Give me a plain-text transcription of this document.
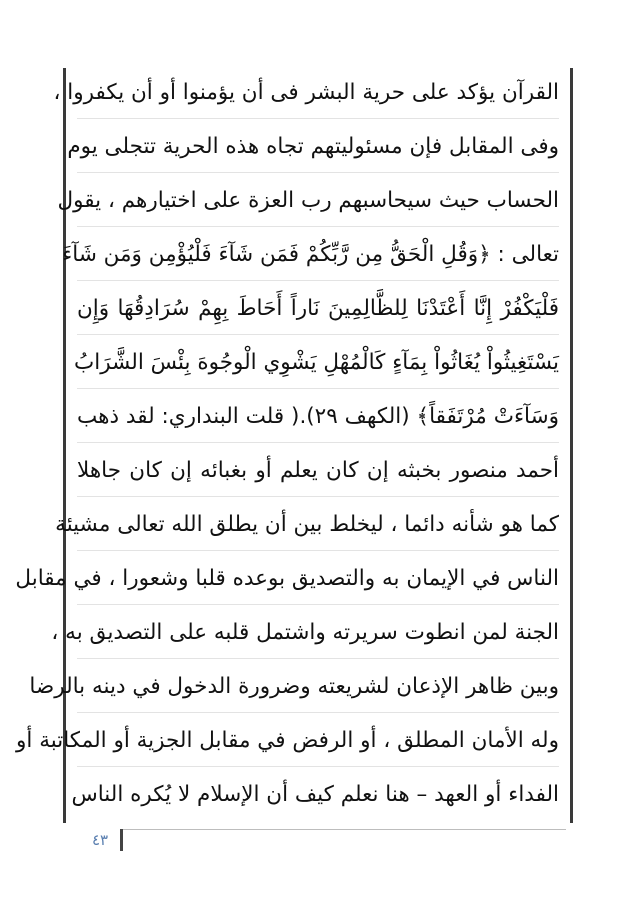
القرآن يؤكد على حرية البشر فى أن يؤمنوا أو أن يكفروا ،
وفى المقابل فإن مسئوليتهم تجاه هذه الحرية تتجلى يوم
الحساب حيث سيحاسبهم رب العزة على اختيارهم ، يقول
تعالى : ﴿وَقُلِ الْحَقُّ مِن رَّبِّكُمْ فَمَن شَآءَ فَلْيُؤْمِن وَمَن شَآءَ
فَلْيَكْفُرْ إِنَّا أَعْتَدْنَا لِلظَّالِمِينَ نَاراً أَحَاطَ بِهِمْ سُرَادِقُهَا وَإِن
يَسْتَغِيثُواْ يُغَاثُواْ بِمَآءٍ كَالْمُهْلِ يَشْوِي الْوجُوهَ بِئْسَ الشَّرَابُ
وَسَآءَتْ مُرْتَفَقاً﴾ (الكهف ٢٩).( قلت البنداري: لقد ذهب
أحمد منصور بخبثه إن كان يعلم أو بغبائه إن كان جاهلا
كما هو شأنه دائما ، ليخلط بين أن يطلق الله تعالى مشيئة
الناس في الإيمان به والتصديق بوعده قلبا وشعورا ، في مقابل
الجنة لمن انطوت سريرته واشتمل قلبه على التصديق به ،
وبين ظاهر الإذعان لشريعته وضرورة الدخول في دينه بالرضا
وله الأمان المطلق ، أو الرفض في مقابل الجزية أو المكاتبة أو
الفداء أو العهد – هنا نعلم كيف أن الإسلام لا يُكره الناس
٤٣
